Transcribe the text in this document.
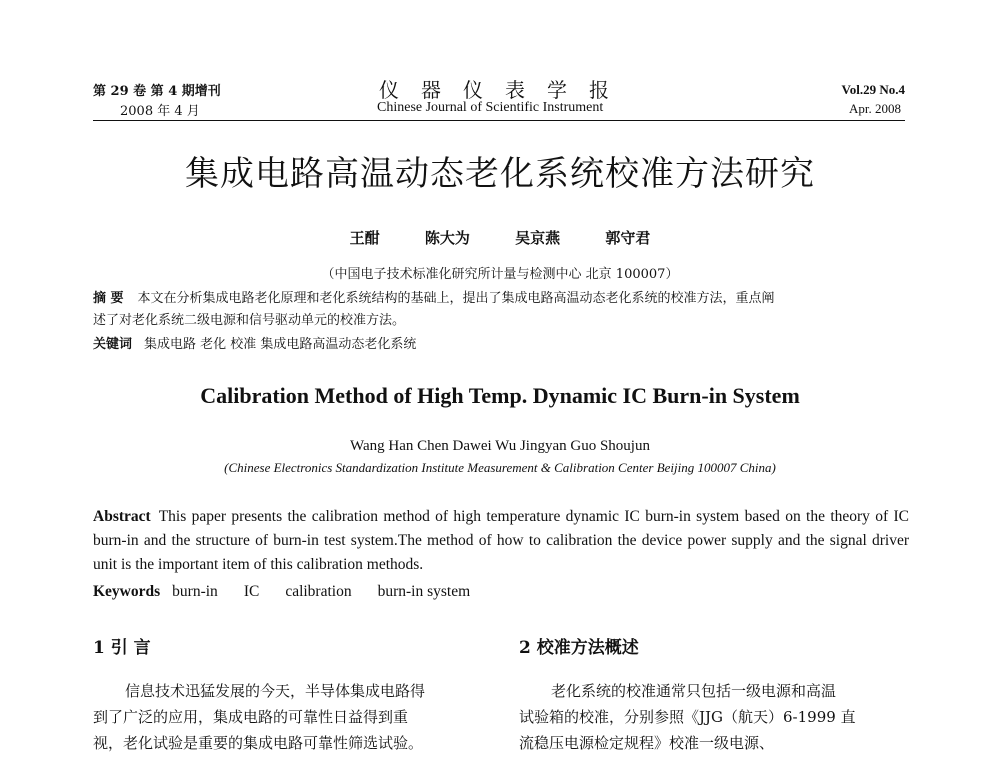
第 29 卷 第 4 期增刊
2008 年 4 月
仪器仪表学报
Chinese Journal of Scientific Instrument
Vol.29 No.4
Apr. 2008
集成电路高温动态老化系统校准方法研究
王酣	陈大为	吴京燕	郭守君
（中国电子技术标准化研究所计量与检测中心 北京 100007）
摘 要 本文在分析集成电路老化原理和老化系统结构的基础上，提出了集成电路高温动态老化系统的校准方法，重点阐
述了对老化系统二级电源和信号驱动单元的校准方法。
关键词 集成电路 老化 校准 集成电路高温动态老化系统
Calibration Method of High Temp. Dynamic IC Burn-in System
Wang Han Chen Dawei Wu Jingyan Guo Shoujun
(Chinese Electronics Standardization Institute Measurement & Calibration Center Beijing 100007 China)
Abstract This paper presents the calibration method of high temperature dynamic IC burn-in system based on the theory of IC burn-in and the structure of burn-in test system.The method of how to calibration the device power supply and the signal driver unit is the important item of this calibration methods.
Keywords burn-in IC calibration burn-in system
1 引 言	2 校准方法概述
信息技术迅猛发展的今天，半导体集成电路得
到了广泛的应用，集成电路的可靠性日益得到重
视，老化试验是重要的集成电路可靠性筛选试验。
老化系统的校准通常只包括一级电源和高温
试验箱的校准，分别参照《JJG（航天）6-1999 直
流稳压电源检定规程》校准一级电源、
